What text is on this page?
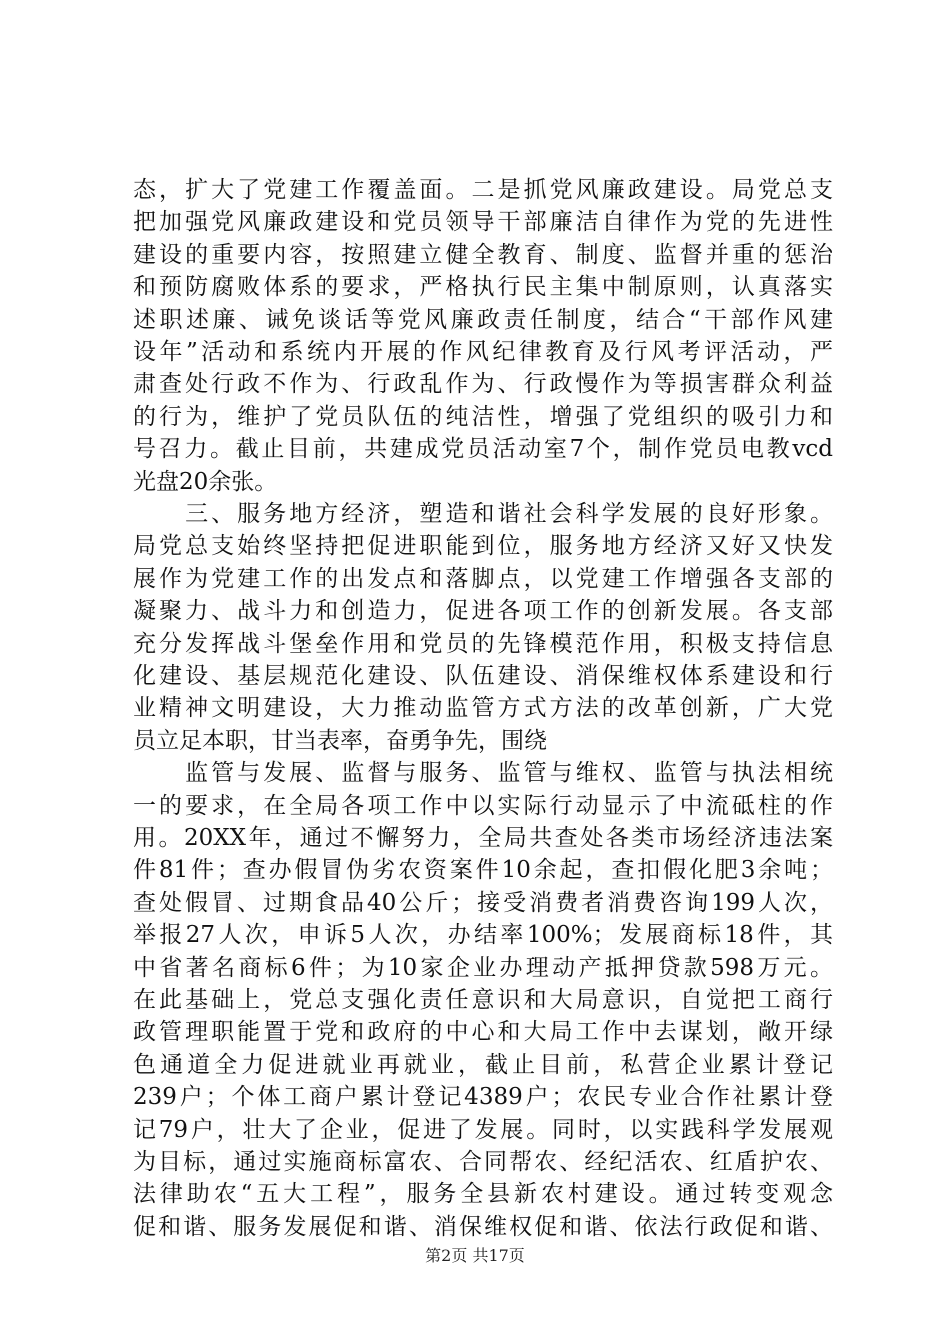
态，扩大了党建工作覆盖面。二是抓党风廉政建设。局党总支
把加强党风廉政建设和党员领导干部廉洁自律作为党的先进性
建设的重要内容，按照建立健全教育、制度、监督并重的惩治
和预防腐败体系的要求，严格执行民主集中制原则，认真落实
述职述廉、诫免谈话等党风廉政责任制度，结合“干部作风建
设年”活动和系统内开展的作风纪律教育及行风考评活动，严
肃查处行政不作为、行政乱作为、行政慢作为等损害群众利益
的行为，维护了党员队伍的纯洁性，增强了党组织的吸引力和
号召力。截止目前，共建成党员活动室7个，制作党员电教vcd
光盘20余张。
　　三、服务地方经济，塑造和谐社会科学发展的良好形象。
局党总支始终坚持把促进职能到位，服务地方经济又好又快发
展作为党建工作的出发点和落脚点，以党建工作增强各支部的
凝聚力、战斗力和创造力，促进各项工作的创新发展。各支部
充分发挥战斗堡垒作用和党员的先锋模范作用，积极支持信息
化建设、基层规范化建设、队伍建设、消保维权体系建设和行
业精神文明建设，大力推动监管方式方法的改革创新，广大党
员立足本职，甘当表率，奋勇争先，围绕
　　监管与发展、监督与服务、监管与维权、监管与执法相统
一的要求，在全局各项工作中以实际行动显示了中流砥柱的作
用。20XX年，通过不懈努力，全局共查处各类市场经济违法案
件81件；查办假冒伪劣农资案件10余起，查扣假化肥3余吨；
查处假冒、过期食品40公斤；接受消费者消费咨询199人次，
举报27人次，申诉5人次，办结率100%；发展商标18件，其
中省著名商标6件；为10家企业办理动产抵押贷款598万元。
在此基础上，党总支强化责任意识和大局意识，自觉把工商行
政管理职能置于党和政府的中心和大局工作中去谋划，敞开绿
色通道全力促进就业再就业，截止目前，私营企业累计登记
239户；个体工商户累计登记4389户；农民专业合作社累计登
记79户，壮大了企业，促进了发展。同时，以实践科学发展观
为目标，通过实施商标富农、合同帮农、经纪活农、红盾护农、
法律助农“五大工程”，服务全县新农村建设。通过转变观念
促和谐、服务发展促和谐、消保维权促和谐、依法行政促和谐、
第2页 共17页
